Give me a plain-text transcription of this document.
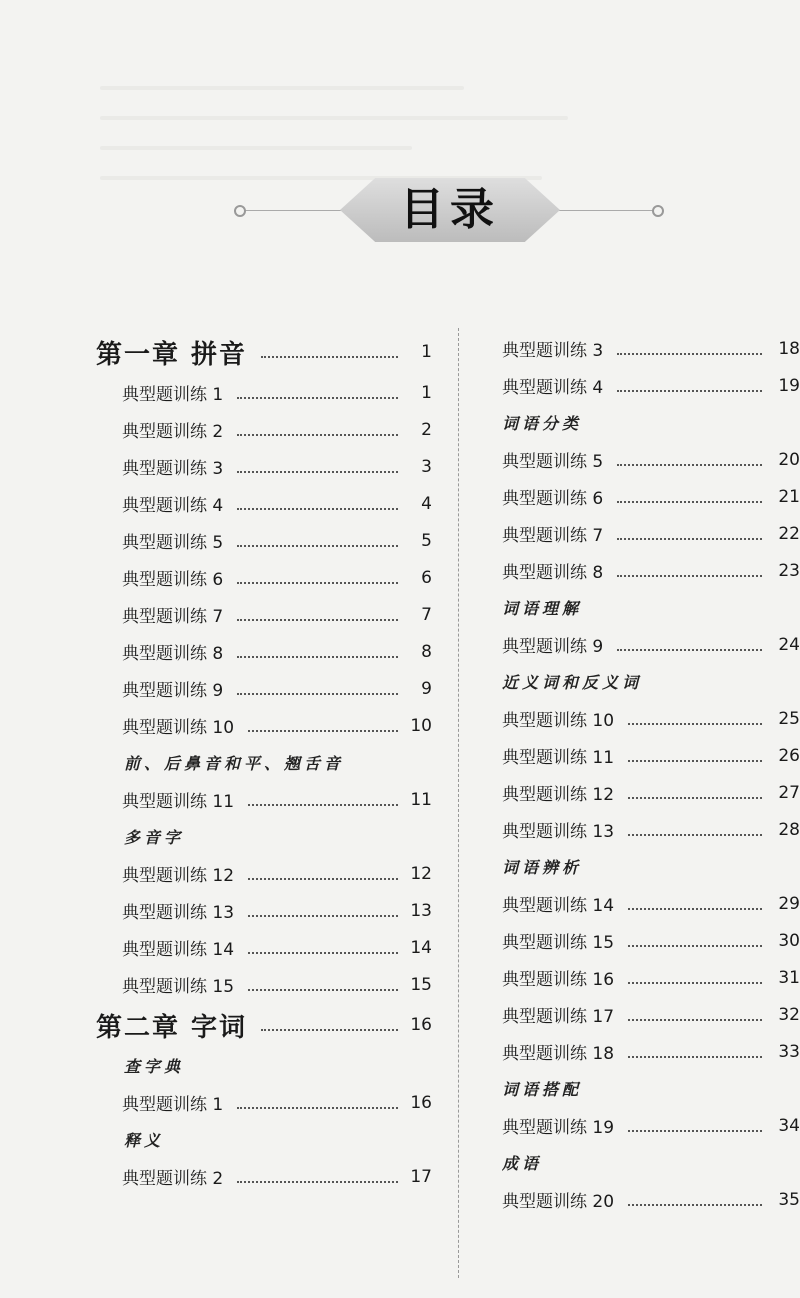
目录
第一章 拼音	1
典型题训练 1	1
典型题训练 2	2
典型题训练 3	3
典型题训练 4	4
典型题训练 5	5
典型题训练 6	6
典型题训练 7	7
典型题训练 8	8
典型题训练 9	9
典型题训练 10	10
前、后鼻音和平、翘舌音
典型题训练 11	11
多音字
典型题训练 12	12
典型题训练 13	13
典型题训练 14	14
典型题训练 15	15
第二章 字词	16
查字典
典型题训练 1	16
释义
典型题训练 2	17
典型题训练 3	18
典型题训练 4	19
词语分类
典型题训练 5	20
典型题训练 6	21
典型题训练 7	22
典型题训练 8	23
词语理解
典型题训练 9	24
近义词和反义词
典型题训练 10	25
典型题训练 11	26
典型题训练 12	27
典型题训练 13	28
词语辨析
典型题训练 14	29
典型题训练 15	30
典型题训练 16	31
典型题训练 17	32
典型题训练 18	33
词语搭配
典型题训练 19	34
成语
典型题训练 20	35
